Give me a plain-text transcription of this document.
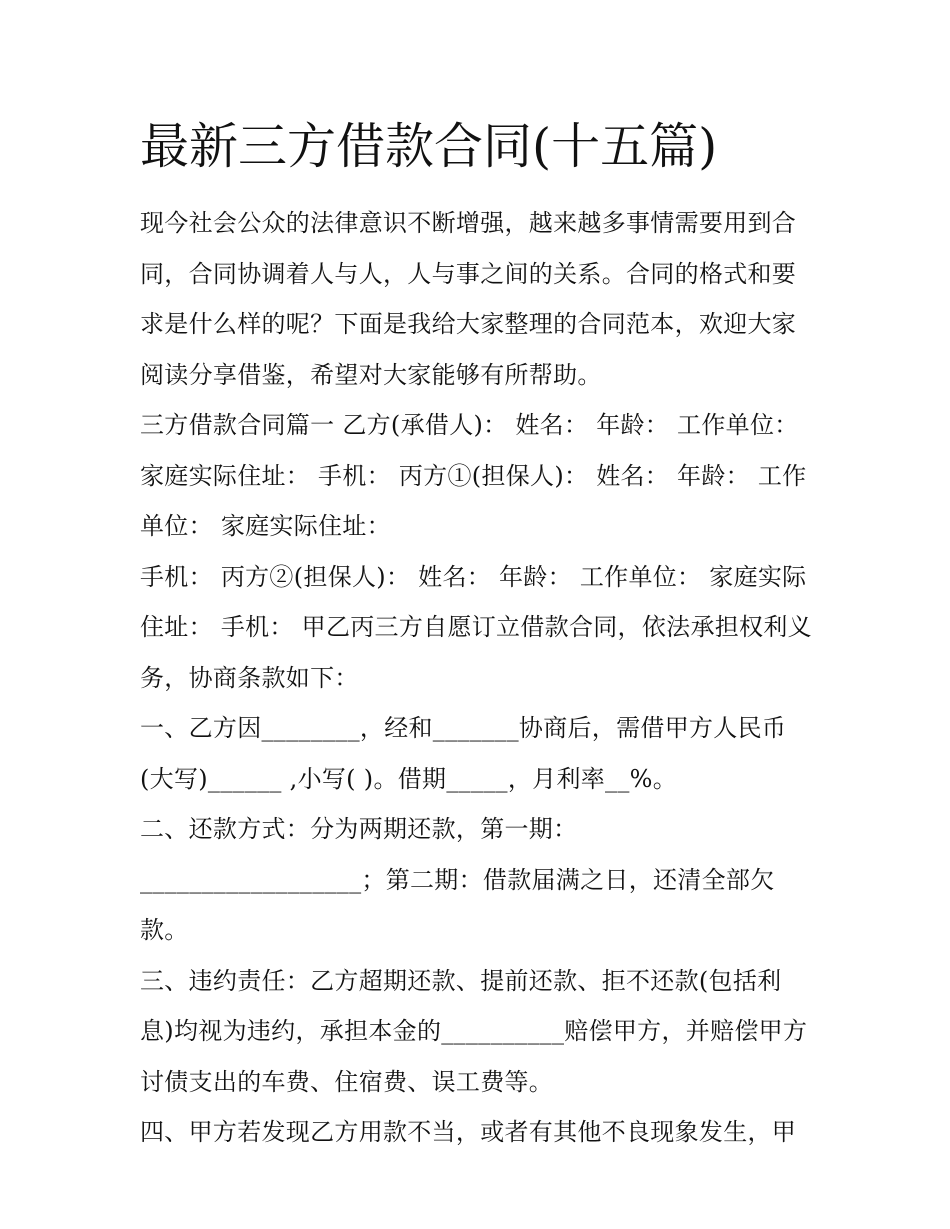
最新三方借款合同(十五篇)

现今社会公众的法律意识不断增强，越来越多事情需要用到合同，合同协调着人与人，人与事之间的关系。合同的格式和要求是什么样的呢？下面是我给大家整理的合同范本，欢迎大家阅读分享借鉴，希望对大家能够有所帮助。

三方借款合同篇一 乙方(承借人)： 姓名： 年龄： 工作单位： 家庭实际住址： 手机： 丙方①(担保人)： 姓名： 年龄： 工作单位： 家庭实际住址：

手机： 丙方②(担保人)： 姓名： 年龄： 工作单位： 家庭实际住址： 手机： 甲乙丙三方自愿订立借款合同，依法承担权利义务，协商条款如下：

一、乙方因________，经和_______协商后，需借甲方人民币(大写)______ ,小写( )。借期_____，月利率__%。

二、还款方式：分为两期还款，第一期：__________________；第二期：借款届满之日，还清全部欠款。

三、违约责任：乙方超期还款、提前还款、拒不还款(包括利息)均视为违约，承担本金的__________赔偿甲方，并赔偿甲方讨债支出的车费、住宿费、误工费等。

四、甲方若发现乙方用款不当，或者有其他不良现象发生，甲
